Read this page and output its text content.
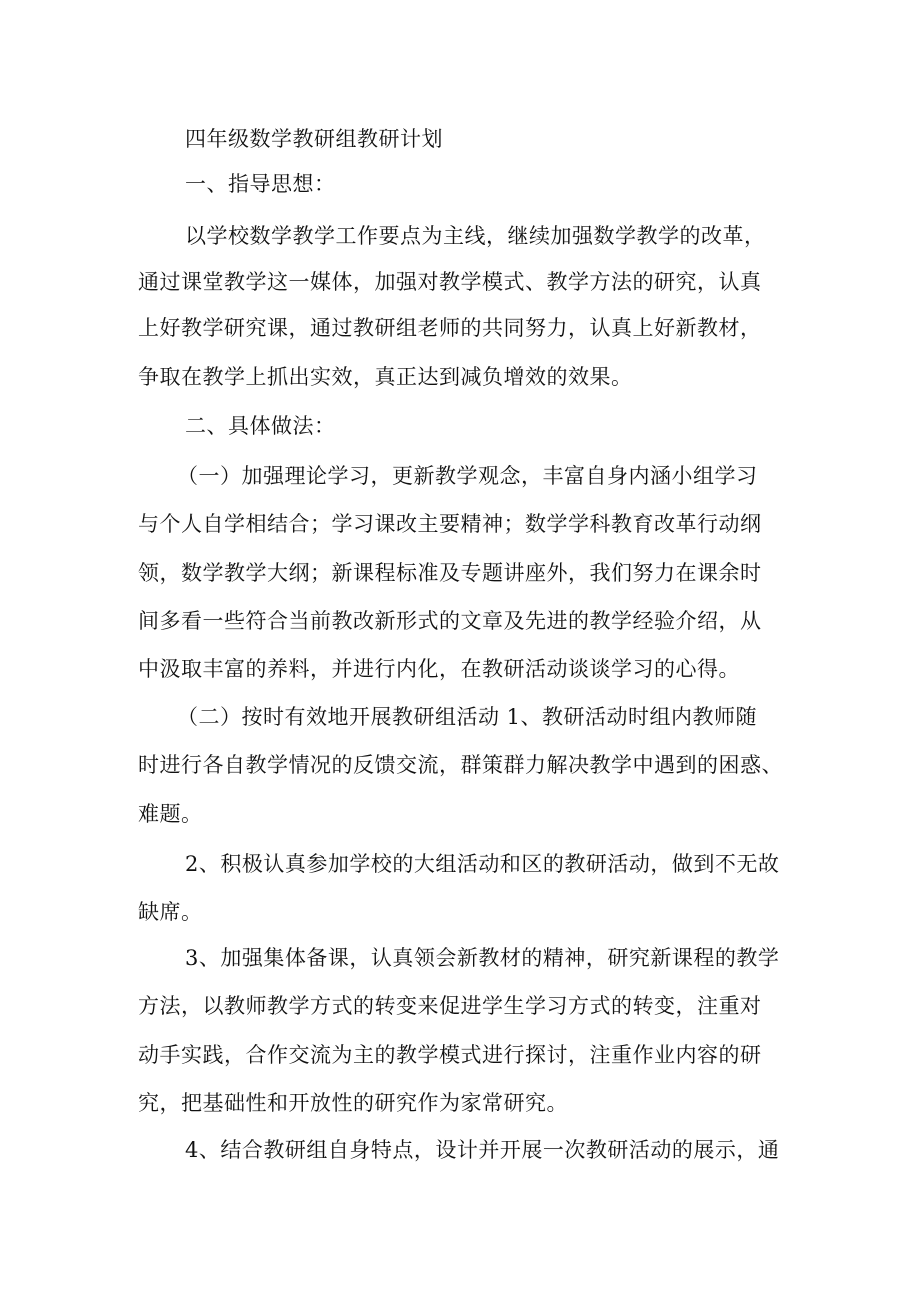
四年级数学教研组教研计划
一、指导思想：
以学校数学教学工作要点为主线，继续加强数学教学的改革，
通过课堂教学这一媒体，加强对教学模式、教学方法的研究，认真
上好教学研究课，通过教研组老师的共同努力，认真上好新教材，
争取在教学上抓出实效，真正达到减负增效的效果。
二、具体做法：
（一）加强理论学习，更新教学观念，丰富自身内涵小组学习
与个人自学相结合；学习课改主要精神；数学学科教育改革行动纲
领，数学教学大纲；新课程标准及专题讲座外，我们努力在课余时
间多看一些符合当前教改新形式的文章及先进的教学经验介绍，从
中汲取丰富的养料，并进行内化，在教研活动谈谈学习的心得。
（二）按时有效地开展教研组活动 1、教研活动时组内教师随
时进行各自教学情况的反馈交流，群策群力解决教学中遇到的困惑、
难题。
2、积极认真参加学校的大组活动和区的教研活动，做到不无故
缺席。
3、加强集体备课，认真领会新教材的精神，研究新课程的教学
方法，以教师教学方式的转变来促进学生学习方式的转变，注重对
动手实践，合作交流为主的教学模式进行探讨，注重作业内容的研
究，把基础性和开放性的研究作为家常研究。
4、结合教研组自身特点，设计并开展一次教研活动的展示，通
